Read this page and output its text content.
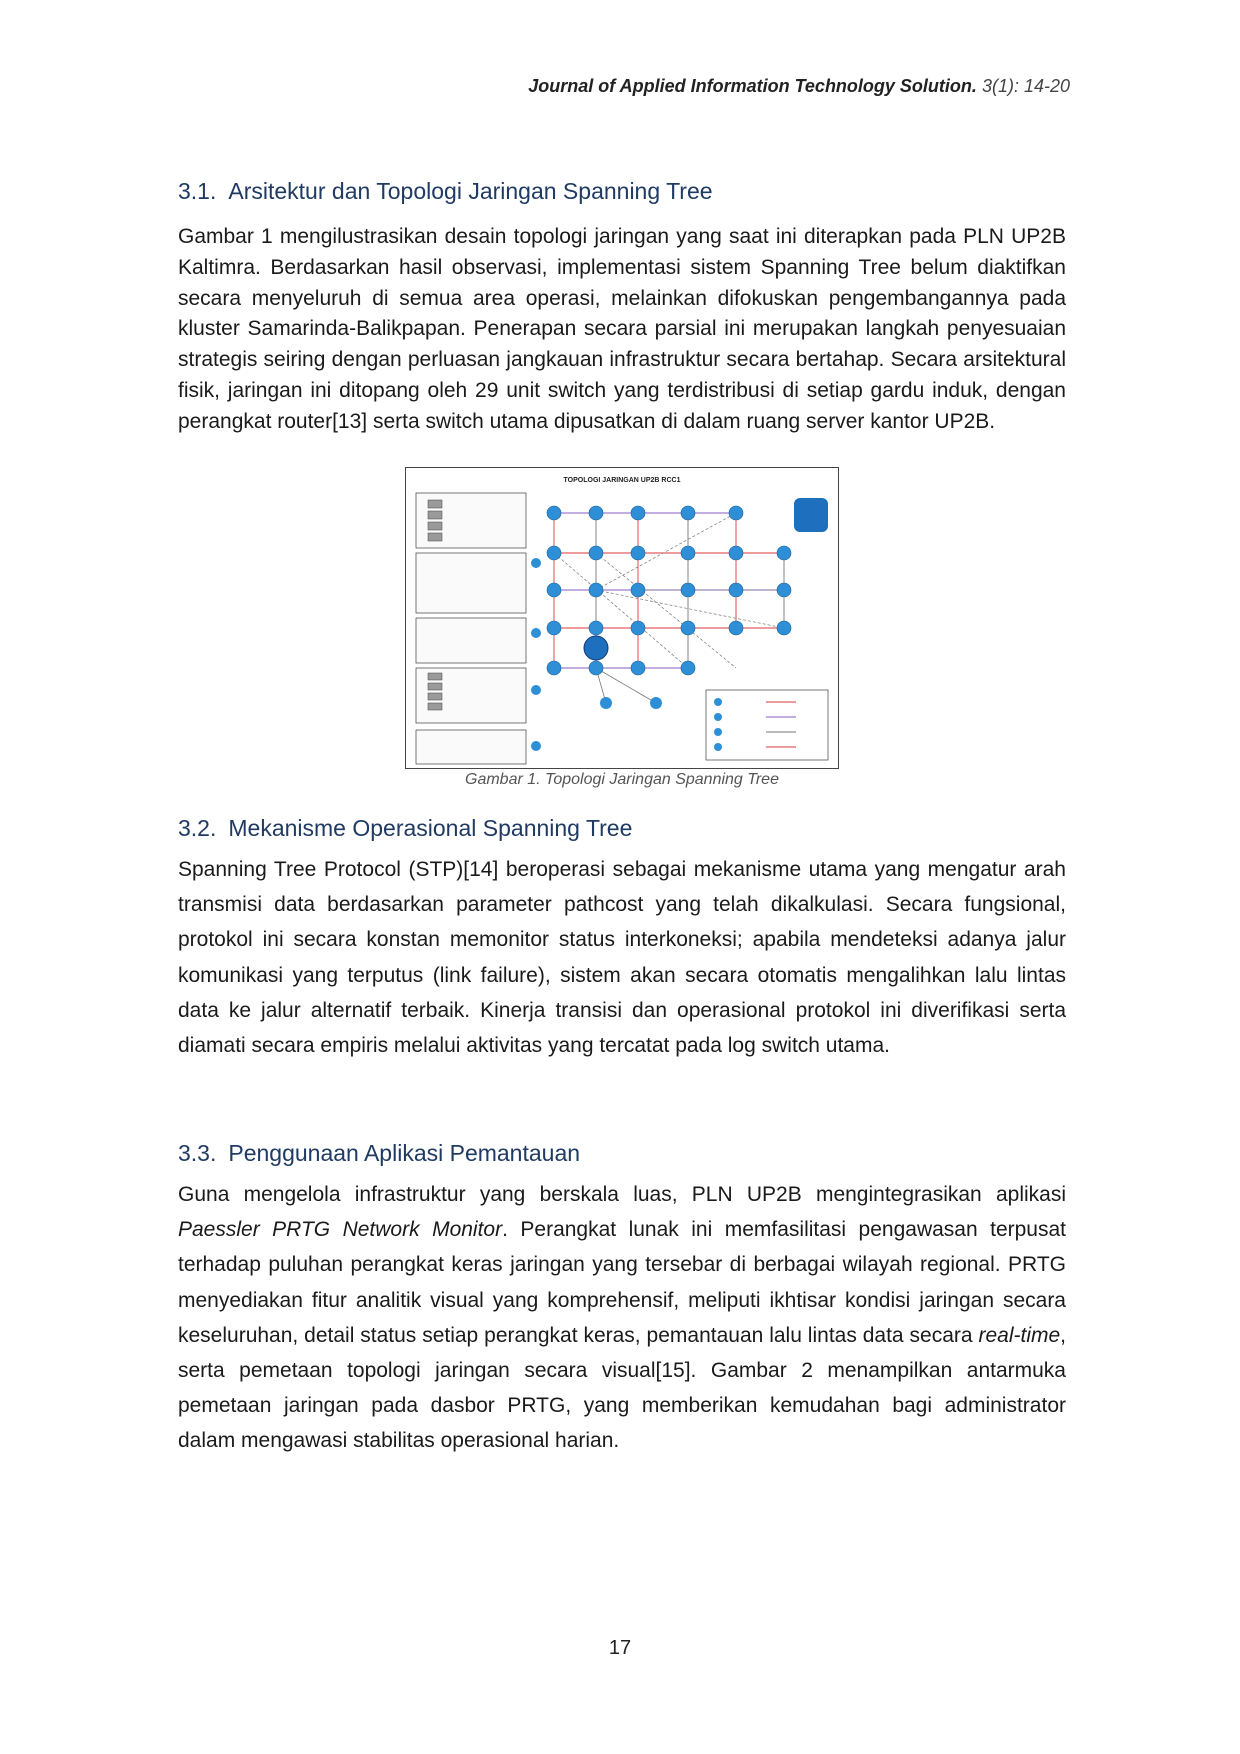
Journal of Applied Information Technology Solution. 3(1): 14-20
3.1. Arsitektur dan Topologi Jaringan Spanning Tree
Gambar 1 mengilustrasikan desain topologi jaringan yang saat ini diterapkan pada PLN UP2B Kaltimra. Berdasarkan hasil observasi, implementasi sistem Spanning Tree belum diaktifkan secara menyeluruh di semua area operasi, melainkan difokuskan pengembangannya pada kluster Samarinda-Balikpapan. Penerapan secara parsial ini merupakan langkah penyesuaian strategis seiring dengan perluasan jangkauan infrastruktur secara bertahap. Secara arsitektural fisik, jaringan ini ditopang oleh 29 unit switch yang terdistribusi di setiap gardu induk, dengan perangkat router[13] serta switch utama dipusatkan di dalam ruang server kantor UP2B.
TOPOLOGI JARINGAN UP2B RCC1
Gambar 1. Topologi Jaringan Spanning Tree
3.2. Mekanisme Operasional Spanning Tree
Spanning Tree Protocol (STP)[14] beroperasi sebagai mekanisme utama yang mengatur arah transmisi data berdasarkan parameter pathcost yang telah dikalkulasi. Secara fungsional, protokol ini secara konstan memonitor status interkoneksi; apabila mendeteksi adanya jalur komunikasi yang terputus (link failure), sistem akan secara otomatis mengalihkan lalu lintas data ke jalur alternatif terbaik. Kinerja transisi dan operasional protokol ini diverifikasi serta diamati secara empiris melalui aktivitas yang tercatat pada log switch utama.
3.3. Penggunaan Aplikasi Pemantauan
Guna mengelola infrastruktur yang berskala luas, PLN UP2B mengintegrasikan aplikasi Paessler PRTG Network Monitor. Perangkat lunak ini memfasilitasi pengawasan terpusat terhadap puluhan perangkat keras jaringan yang tersebar di berbagai wilayah regional. PRTG menyediakan fitur analitik visual yang komprehensif, meliputi ikhtisar kondisi jaringan secara keseluruhan, detail status setiap perangkat keras, pemantauan lalu lintas data secara real-time, serta pemetaan topologi jaringan secara visual[15]. Gambar 2 menampilkan antarmuka pemetaan jaringan pada dasbor PRTG, yang memberikan kemudahan bagi administrator dalam mengawasi stabilitas operasional harian.
17
